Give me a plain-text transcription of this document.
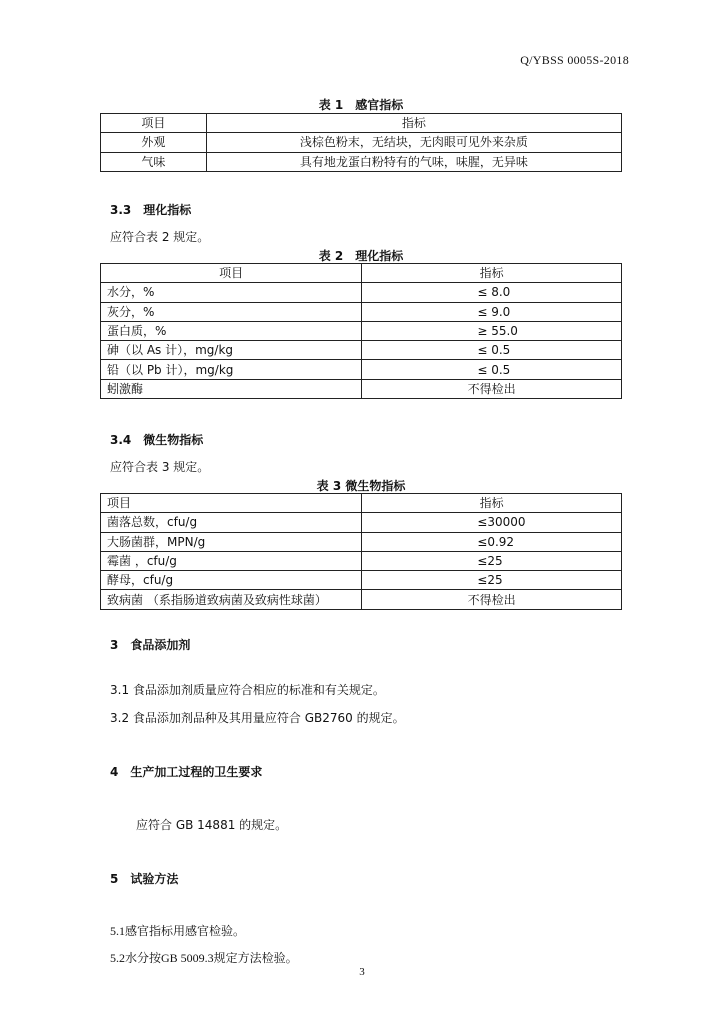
Q/YBSS 0005S-2018
表 1　感官指标
项目	指标
外观	浅棕色粉末，无结块，无肉眼可见外来杂质
气味	具有地龙蛋白粉特有的气味，味腥，无异味
3.3　理化指标
应符合表 2 规定。
表 2　理化指标
项目	指标
水分，%	≤ 8.0
灰分，%	≤ 9.0
蛋白质，%	≥ 55.0
砷（以 As 计），mg/kg	≤ 0.5
铅（以 Pb 计），mg/kg	≤ 0.5
蚓激酶	不得检出
3.4　微生物指标
应符合表 3 规定。
表 3 微生物指标
项目	指标
菌落总数，cfu/g	≤30000
大肠菌群，MPN/g	≤0.92
霉菌 ，cfu/g	≤25
酵母，cfu/g	≤25
致病菌 （系指肠道致病菌及致病性球菌）	不得检出
3　食品添加剂
3.1 食品添加剂质量应符合相应的标准和有关规定。
3.2 食品添加剂品种及其用量应符合 GB2760 的规定。
4　生产加工过程的卫生要求
应符合 GB 14881 的规定。
5　试验方法
5.1感官指标用感官检验。
5.2水分按GB 5009.3规定方法检验。
3
